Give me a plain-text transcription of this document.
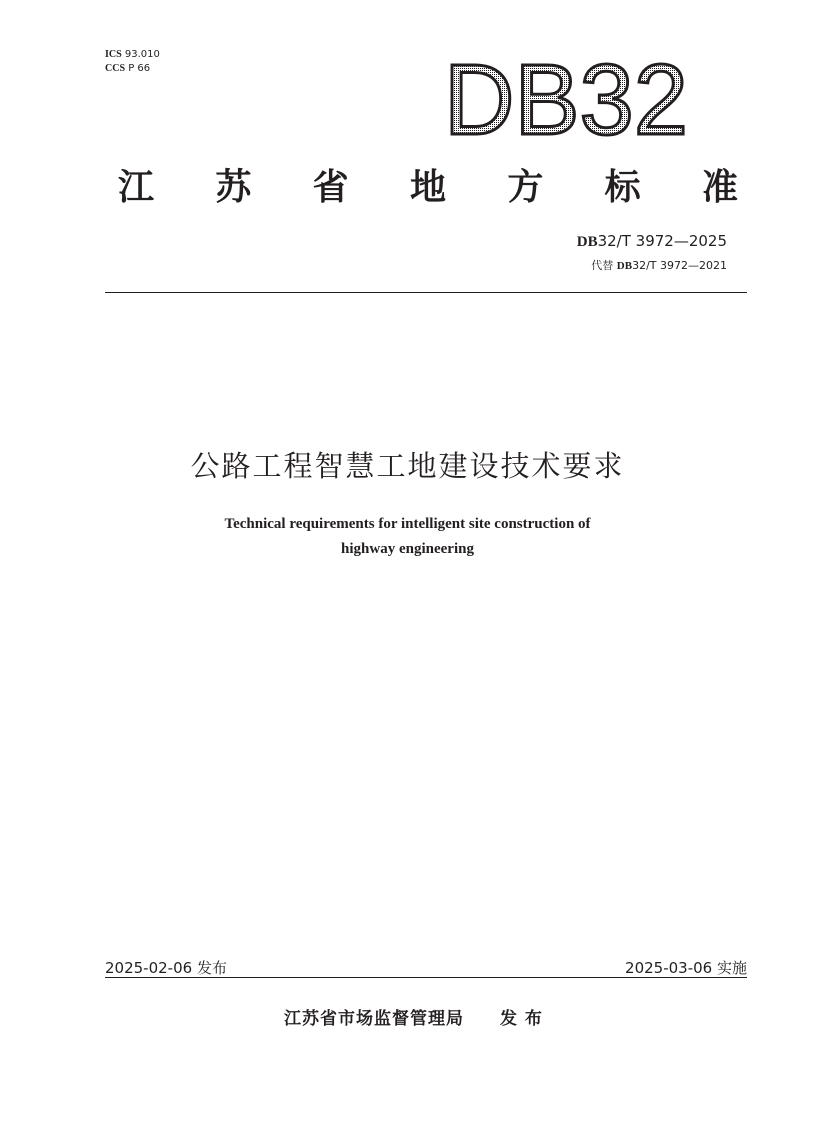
ICS 93.010
CCS P 66	DB32
江 苏 省 地 方 标 准
DB32/T 3972—2025
代替 DB32/T 3972—2021
公路工程智慧工地建设技术要求
Technical requirements for intelligent site construction of
highway engineering
2025-02-06 发布	2025-03-06 实施
江苏省市场监督管理局 发 布
